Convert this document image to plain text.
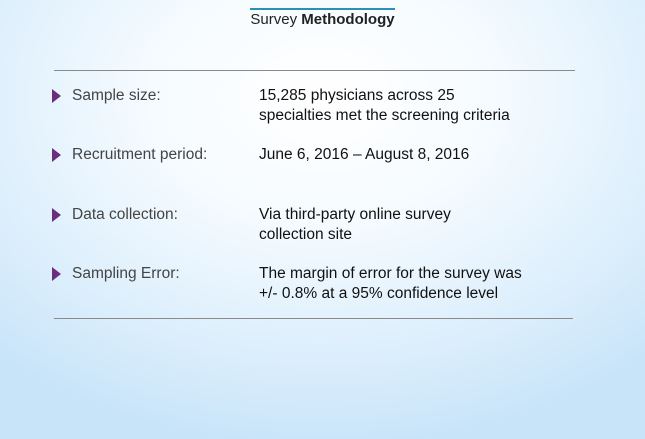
Survey Methodology
Sample size:	15,285 physicians across 25
specialties met the screening criteria
Recruitment period:	June 6, 2016 – August 8, 2016
Data collection:	Via third-party online survey
collection site
Sampling Error:	The margin of error for the survey was
+/- 0.8% at a 95% confidence level
